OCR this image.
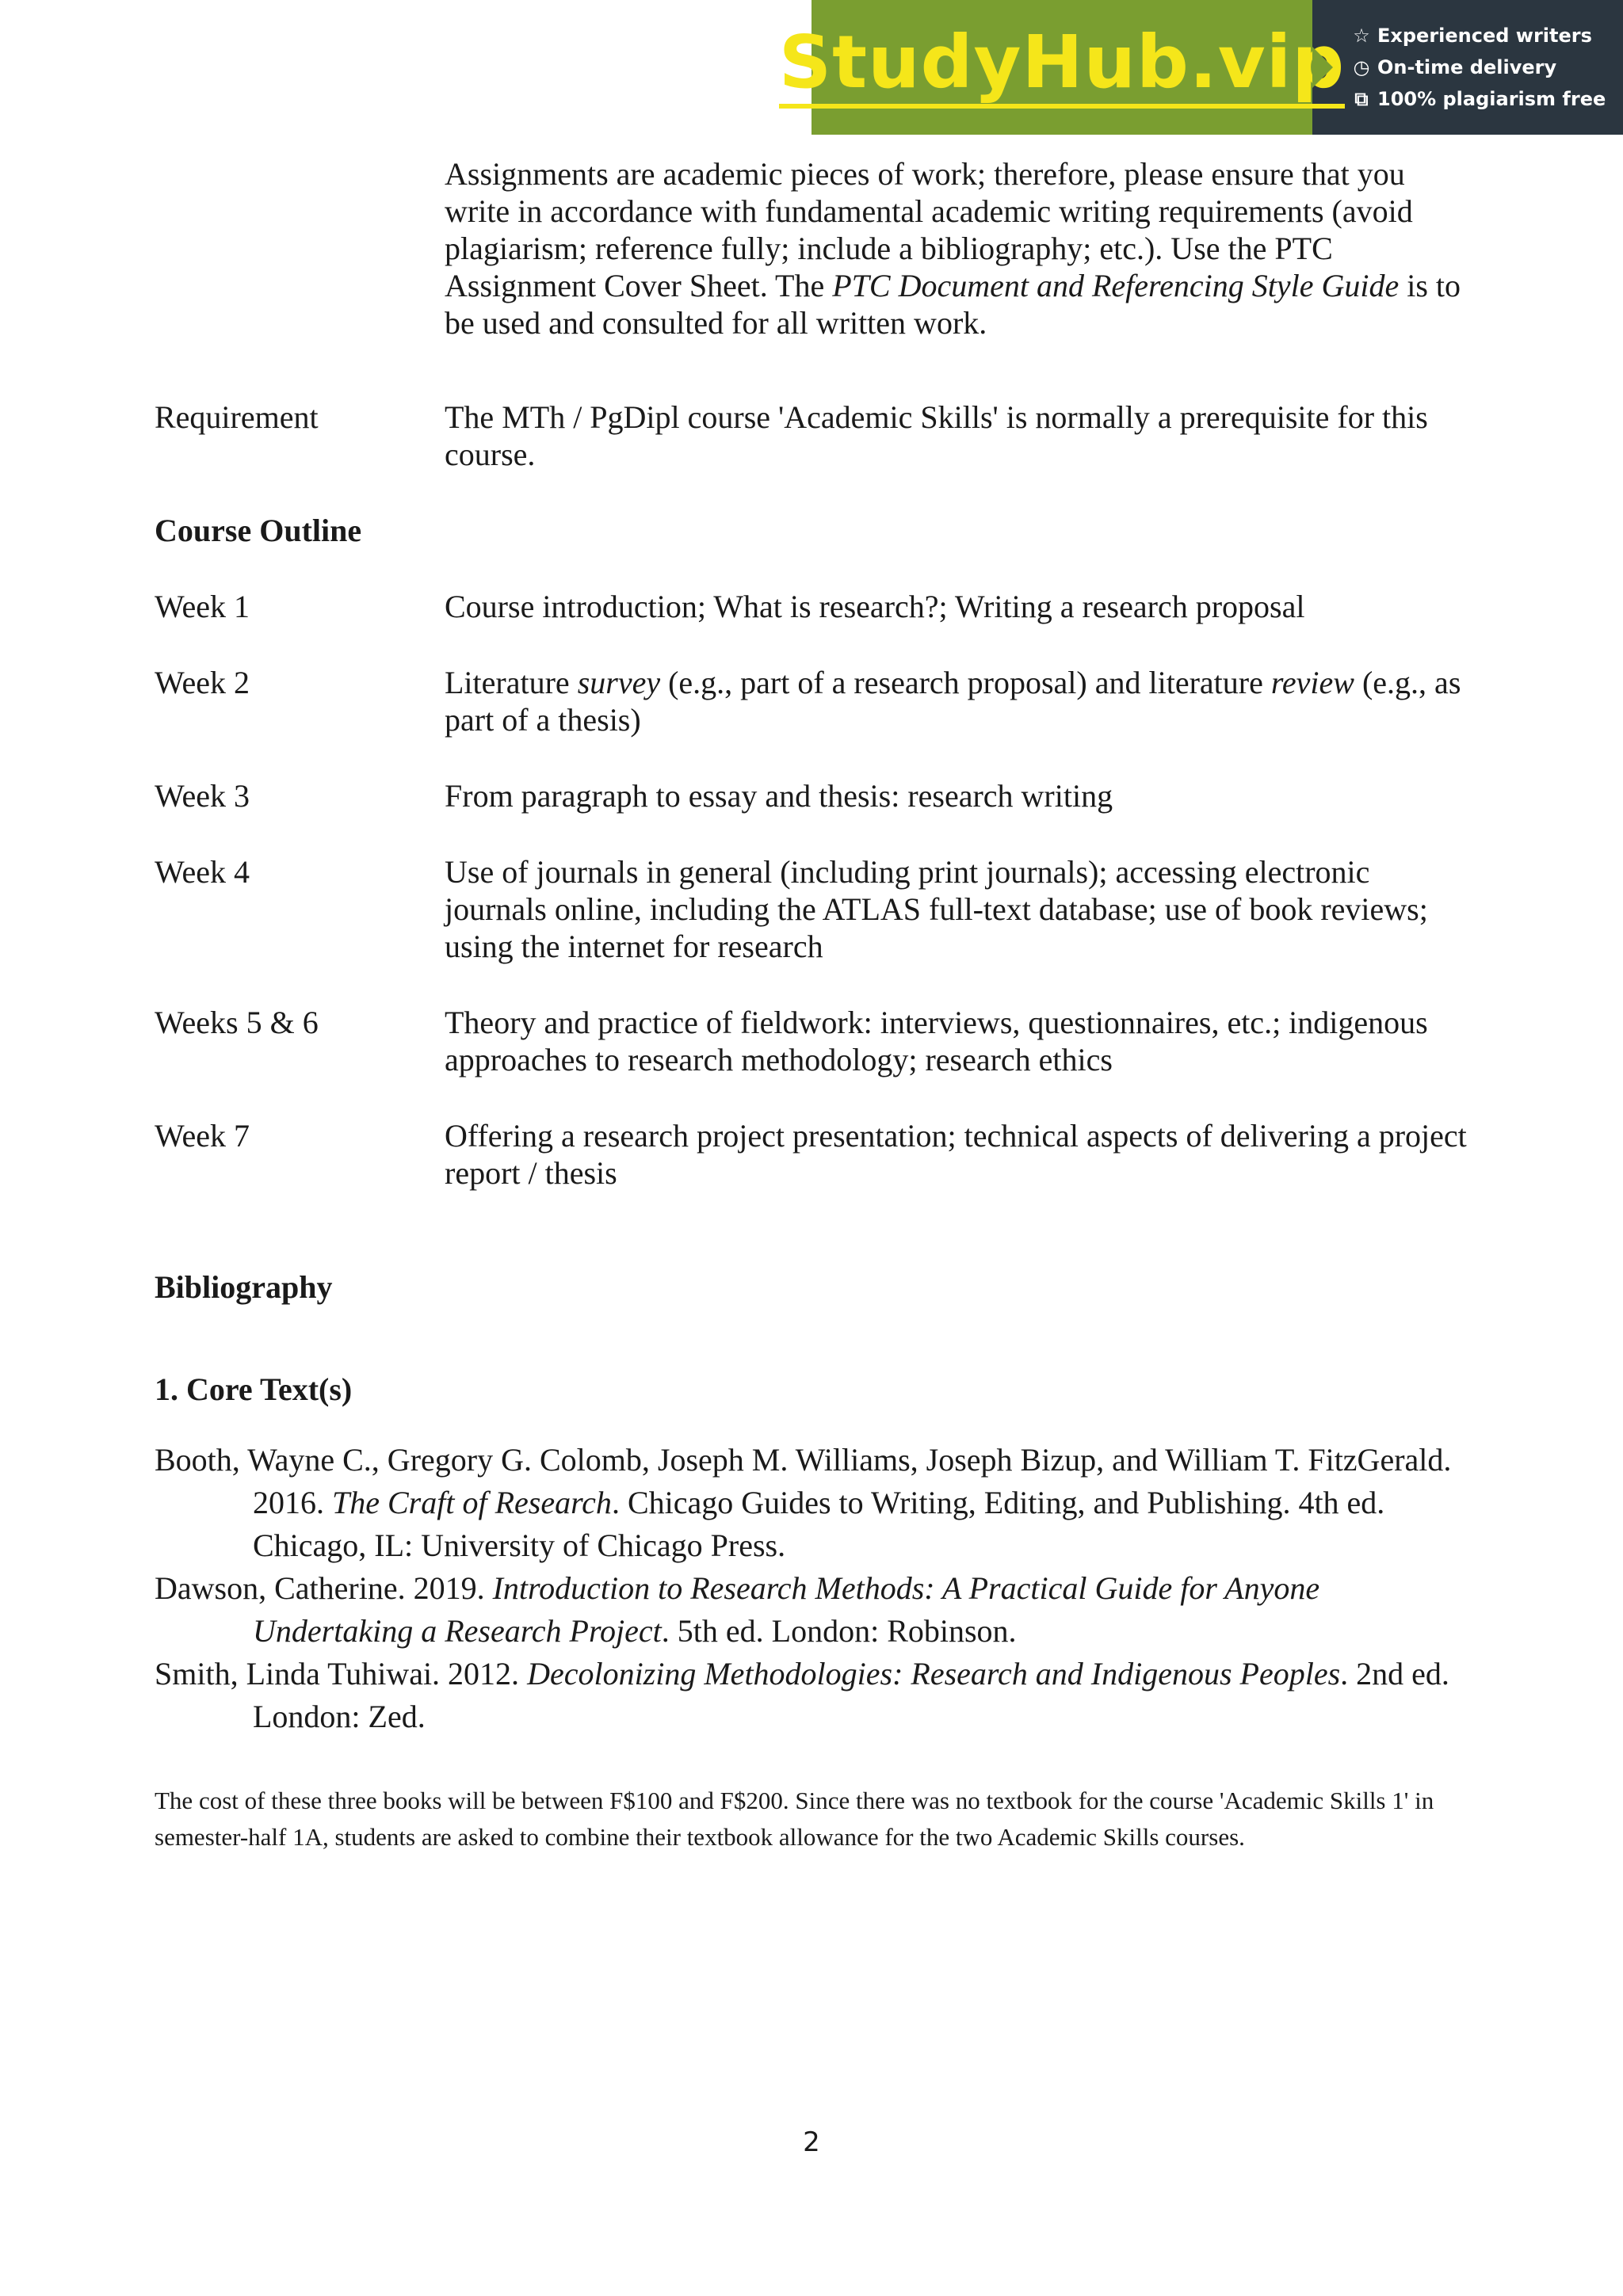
StudyHub.vip ☆ Experienced writers
◷ On-time delivery
⧉ 100% plagiarism free
Assignments are academic pieces of work; therefore, please ensure that you write in accordance with fundamental academic writing requirements (avoid plagiarism; reference fully; include a bibliography; etc.). Use the PTC Assignment Cover Sheet. The PTC Document and Referencing Style Guide is to be used and consulted for all written work.
Requirement	The MTh / PgDipl course 'Academic Skills' is normally a prerequisite for this course.
Course Outline
Week 1	Course introduction; What is research?; Writing a research proposal
Week 2	Literature survey (e.g., part of a research proposal) and literature review (e.g., as part of a thesis)
Week 3	From paragraph to essay and thesis: research writing
Week 4	Use of journals in general (including print journals); accessing electronic journals online, including the ATLAS full-text database; use of book reviews; using the internet for research
Weeks 5 & 6	Theory and practice of fieldwork: interviews, questionnaires, etc.; indigenous approaches to research methodology; research ethics
Week 7	Offering a research project presentation; technical aspects of delivering a project report / thesis
Bibliography
1. Core Text(s)
Booth, Wayne C., Gregory G. Colomb, Joseph M. Williams, Joseph Bizup, and William T. FitzGerald. 2016. The Craft of Research. Chicago Guides to Writing, Editing, and Publishing. 4th ed. Chicago, IL: University of Chicago Press.
Dawson, Catherine. 2019. Introduction to Research Methods: A Practical Guide for Anyone Undertaking a Research Project. 5th ed. London: Robinson.
Smith, Linda Tuhiwai. 2012. Decolonizing Methodologies: Research and Indigenous Peoples. 2nd ed. London: Zed.
The cost of these three books will be between F$100 and F$200. Since there was no textbook for the course 'Academic Skills 1' in semester-half 1A, students are asked to combine their textbook allowance for the two Academic Skills courses.
2
